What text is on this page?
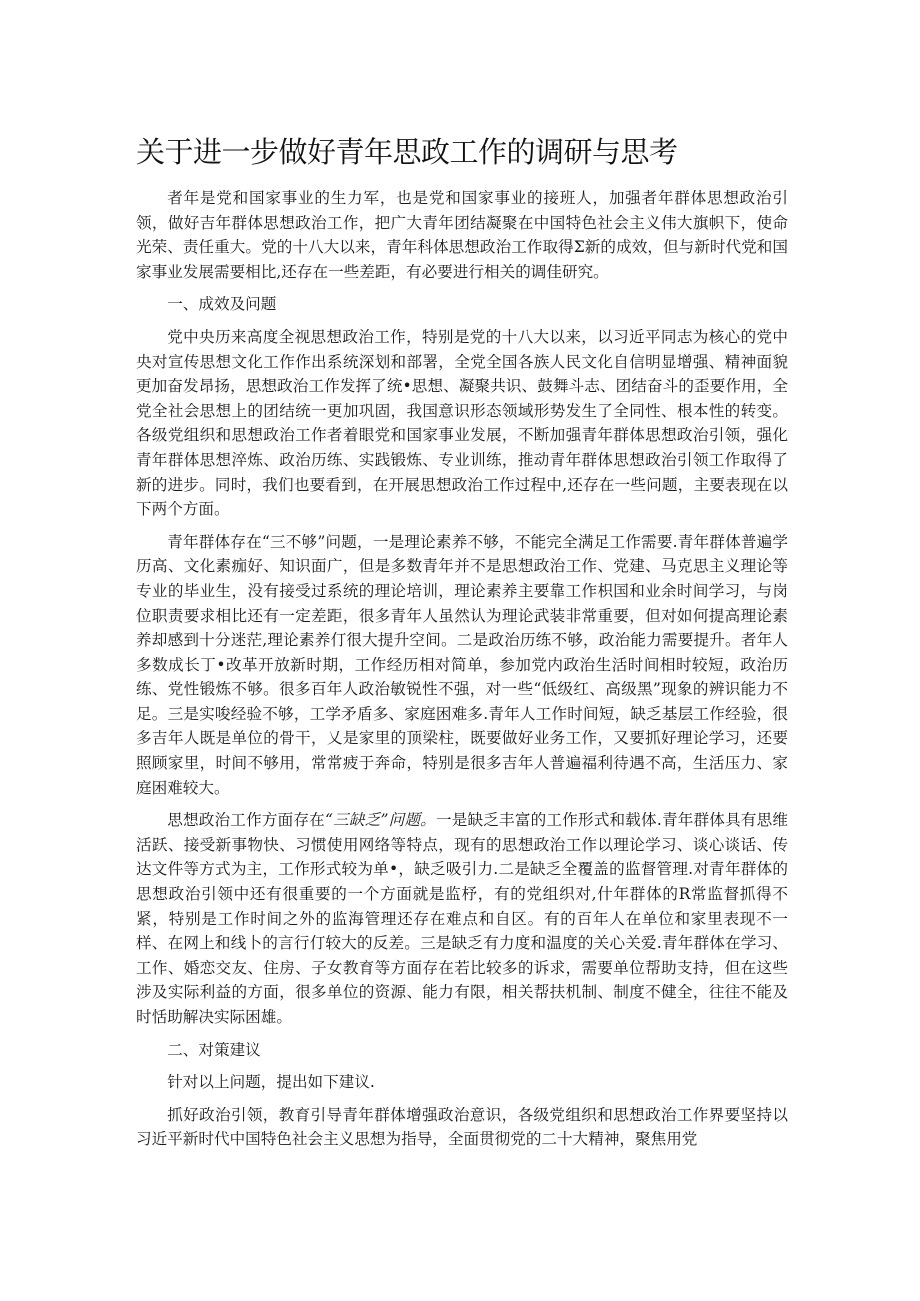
关于进一步做好青年思政工作的调研与思考

者年是党和国家事业的生力军，也是党和国家事业的接班人，加强者年群体思想政治引领，做好吉年群体思想政治工作，把广大青年团结凝聚在中国特色社会主义伟大旗帜下，使命光荣、责任重大。党的十八大以来，青年科体思想政治工作取得Σ新的成效，但与新时代党和国家事业发展需要相比,还存在一些差距，有必要进行相关的调佳研究。

一、成效及问题

党中央历来高度全视思想政治工作，特别是党的十八大以来，以习近平同志为核心的党中央对宣传思想文化工作作出系统深划和部署，全党全国各族人民文化自信明显增强、精神面貌更加奋发昂扬，思想政治工作发挥了统•思想、凝聚共识、鼓舞斗志、团结奋斗的歪要作用，全党全社会思想上的团结统一更加巩固，我国意识形态领域形势发生了全同性、根本性的转变。各级党组织和思想政治工作者着眼党和国家事业发展，不断加强青年群体思想政治引领，强化青年群体思想淬炼、政治历练、实践锻炼、专业训练，推动青年群体思想政治引领工作取得了新的进步。同时，我们也要看到，在开展思想政治工作过程中,还存在一些问题，主要表现在以下两个方面。

青年群体存在“三不够”问题，一是理论素养不够，不能完全满足工作需要.青年群体普遍学历高、文化素痂好、知识面广，但是多数青年并不是思想政治工作、党建、马克思主义理论等专业的毕业生，没有接受过系统的理论培训，理论素养主要靠工作枳国和业余时间学习，与岗位职责要求相比还有一定差距，很多青年人虽然认为理论武装非常重要，但对如何提高理论素养却感到十分迷茫,理论素养仃很大提升空间。二是政治历练不够，政治能力需要提升。者年人多数成长丁•改革开放新时期，工作经历相对简单，参加党内政治生活时间相时较短，政治历练、党性锻炼不够。很多百年人政治敏锐性不强，对一些“低级红、高级黑”现象的辨识能力不足。三是实唆经验不够，工学矛盾多、家庭困难多.青年人工作时间短，缺乏基层工作经验，很多吉年人既是单位的骨干，乂是家里的顶梁柱，既要做好业务工作，又要抓好理论学习，还要照顾家里，时间不够用，常常疲于奔命，特别是很多吉年人普遍福利待遇不高，生活压力、家庭困难较大。

思想政治工作方面存在“三缺乏”问题。一是缺乏丰富的工作形式和载体.青年群体具有思维活跃、接受新事物快、习惯使用网络等特点，现有的思想政治工作以理论学习、谈心谈话、传达文件等方式为主，工作形式较为单•，缺乏吸引力.二是缺乏全覆盖的监督管理.对青年群体的思想政治引领中还有很重要的一个方面就是监杼，有的党组织对,什年群体的R常监督抓得不紧，特别是工作时间之外的监海管理还存在难点和自区。有的百年人在单位和家里表现不一样、在网上和线卜的言行仃较大的反差。三是缺乏有力度和温度的关心关爱.青年群体在学习、工作、婚恋交友、住房、子女教育等方面存在若比较多的诉求，需要单位帮助支持，但在这些涉及实际利益的方面，很多单位的资源、能力有限，相关帮扶机制、制度不健全，往往不能及时恬助解决实际困雄。

二、对策建议

针对以上问题，提出如下建议.

抓好政治引领，教育引导青年群体增强政治意识，各级党组织和思想政治工作界要坚持以习近平新时代中国特色社会主义思想为指导，全面贯彻党的二十大精神，聚焦用党
